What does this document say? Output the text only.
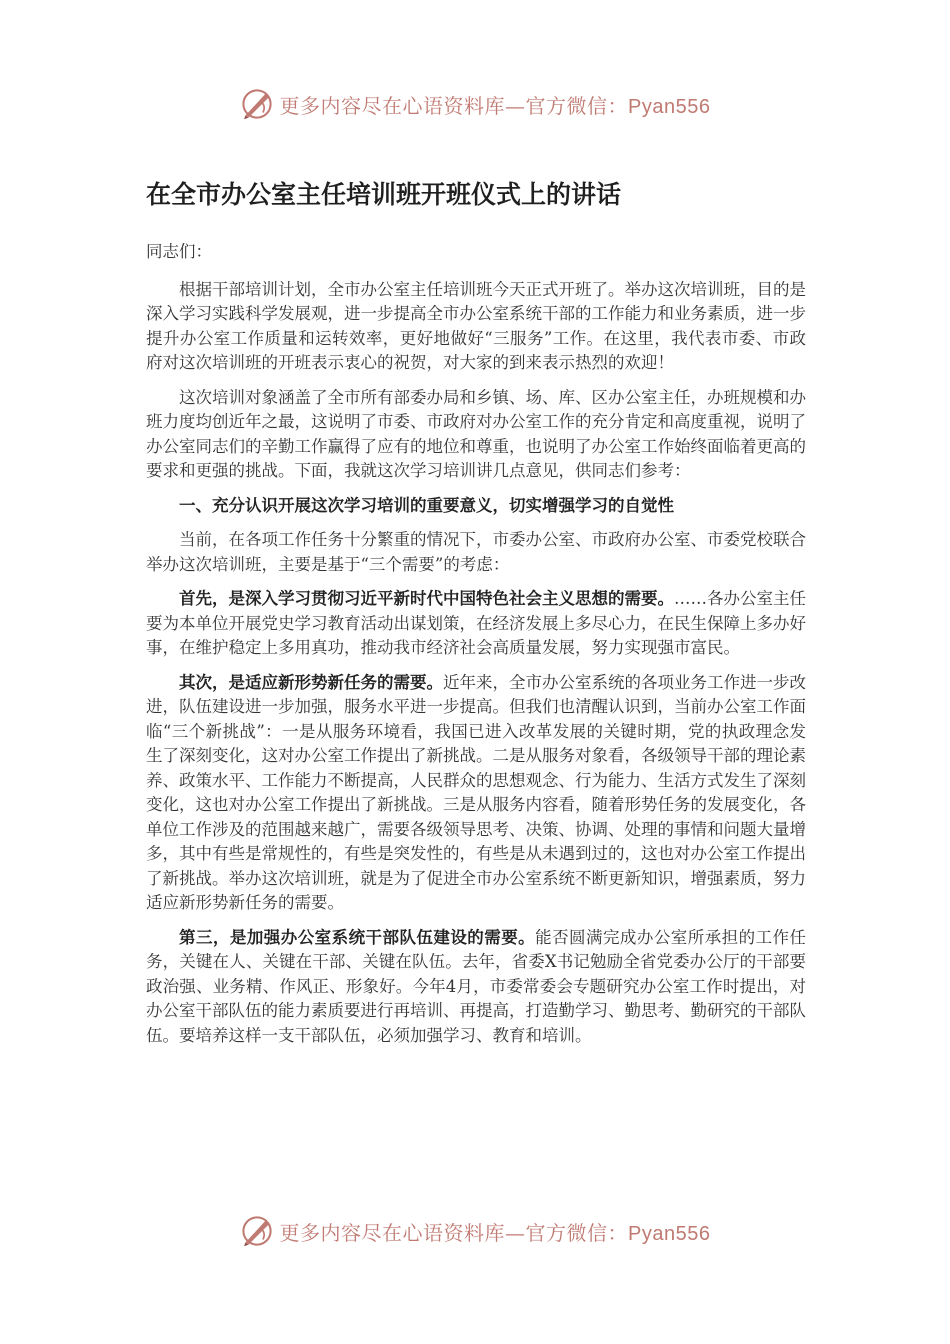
更多内容尽在心语资料库—官方微信：Pyan556
在全市办公室主任培训班开班仪式上的讲话

同志们：

根据干部培训计划，全市办公室主任培训班今天正式开班了。举办这次培训班，目的是深入学习实践科学发展观，进一步提高全市办公室系统干部的工作能力和业务素质，进一步提升办公室工作质量和运转效率，更好地做好“三服务”工作。在这里，我代表市委、市政府对这次培训班的开班表示衷心的祝贺，对大家的到来表示热烈的欢迎！

这次培训对象涵盖了全市所有部委办局和乡镇、场、库、区办公室主任，办班规模和办班力度均创近年之最，这说明了市委、市政府对办公室工作的充分肯定和高度重视，说明了办公室同志们的辛勤工作赢得了应有的地位和尊重，也说明了办公室工作始终面临着更高的要求和更强的挑战。下面，我就这次学习培训讲几点意见，供同志们参考：

一、充分认识开展这次学习培训的重要意义，切实增强学习的自觉性

当前，在各项工作任务十分繁重的情况下，市委办公室、市政府办公室、市委党校联合举办这次培训班，主要是基于“三个需要”的考虑：

首先，是深入学习贯彻习近平新时代中国特色社会主义思想的需要。……各办公室主任要为本单位开展党史学习教育活动出谋划策，在经济发展上多尽心力，在民生保障上多办好事，在维护稳定上多用真功，推动我市经济社会高质量发展，努力实现强市富民。

其次，是适应新形势新任务的需要。近年来，全市办公室系统的各项业务工作进一步改进，队伍建设进一步加强，服务水平进一步提高。但我们也清醒认识到，当前办公室工作面临“三个新挑战”：一是从服务环境看，我国已进入改革发展的关键时期，党的执政理念发生了深刻变化，这对办公室工作提出了新挑战。二是从服务对象看，各级领导干部的理论素养、政策水平、工作能力不断提高，人民群众的思想观念、行为能力、生活方式发生了深刻变化，这也对办公室工作提出了新挑战。三是从服务内容看，随着形势任务的发展变化，各单位工作涉及的范围越来越广，需要各级领导思考、决策、协调、处理的事情和问题大量增多，其中有些是常规性的，有些是突发性的，有些是从未遇到过的，这也对办公室工作提出了新挑战。举办这次培训班，就是为了促进全市办公室系统不断更新知识，增强素质，努力适应新形势新任务的需要。

第三，是加强办公室系统干部队伍建设的需要。能否圆满完成办公室所承担的工作任务，关键在人、关键在干部、关键在队伍。去年，省委X书记勉励全省党委办公厅的干部要政治强、业务精、作风正、形象好。今年4月，市委常委会专题研究办公室工作时提出，对办公室干部队伍的能力素质要进行再培训、再提高，打造勤学习、勤思考、勤研究的干部队伍。要培养这样一支干部队伍，必须加强学习、教育和培训。

更多内容尽在心语资料库—官方微信：Pyan556
